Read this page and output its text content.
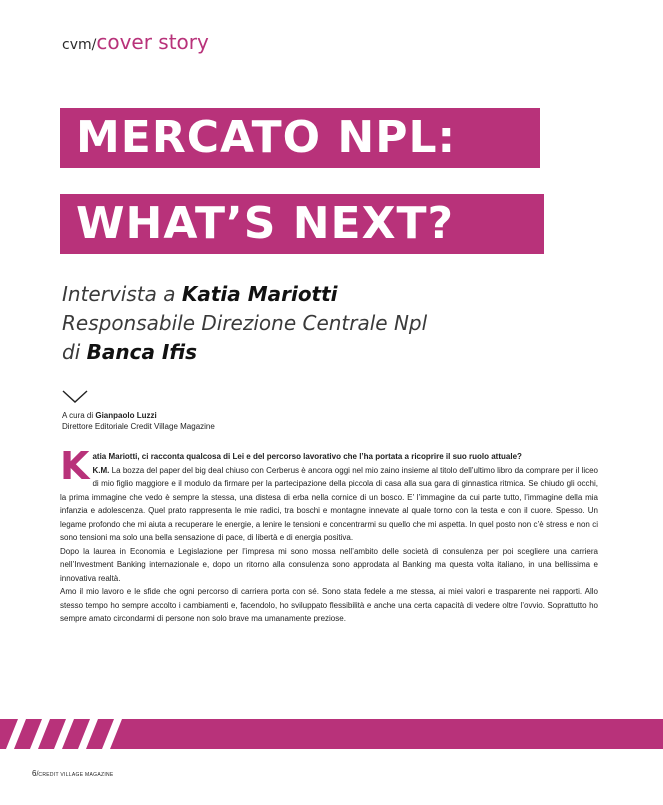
cvm/cover story
MERCATO NPL:
WHAT’S NEXT?
Intervista a Katia Mariotti
Responsabile Direzione Centrale Npl
di Banca Ifis
A cura di Gianpaolo Luzzi
Direttore Editoriale Credit Village Magazine

Katia Mariotti, ci racconta qualcosa di Lei e del percorso lavorativo che l’ha portata a ricoprire il suo ruolo attuale?
K.M. La bozza del paper del big deal chiuso con Cerberus è ancora oggi nel mio zaino insieme al titolo dell’ultimo libro da comprare per il liceo di mio figlio maggiore e il modulo da firmare per la partecipazione della piccola di casa alla sua gara di ginnastica ritmica. Se chiudo gli occhi, la prima immagine che vedo è sempre la stessa, una distesa di erba nella cornice di un bosco. E’ l’immagine da cui parte tutto, l’immagine della mia infanzia e adolescenza. Quel prato rappresenta le mie radici, tra boschi e montagne innevate al quale torno con la testa e con il cuore. Spesso. Un legame profondo che mi aiuta a recuperare le energie, a lenire le tensioni e concentrarmi su quello che mi aspetta. In quel posto non c’è stress e non ci sono tensioni ma solo una bella sensazione di pace, di libertà e di energia positiva.

Dopo la laurea in Economia e Legislazione per l’impresa mi sono mossa nell’ambito delle società di consulenza per poi scegliere una carriera nell’Investment Banking internazionale e, dopo un ritorno alla consulenza sono approdata al Banking ma questa volta italiano, in una bellissima e innovativa realtà.

Amo il mio lavoro e le sfide che ogni percorso di carriera porta con sé. Sono stata fedele a me stessa, ai miei valori e trasparente nei rapporti. Allo stesso tempo ho sempre accolto i cambiamenti e, facendolo, ho sviluppato flessibilità e anche una certa capacità di vedere oltre l’ovvio. Soprattutto ho sempre amato circondarmi di persone non solo brave ma umanamente preziose.

6/CREDIT VILLAGE MAGAZINE
